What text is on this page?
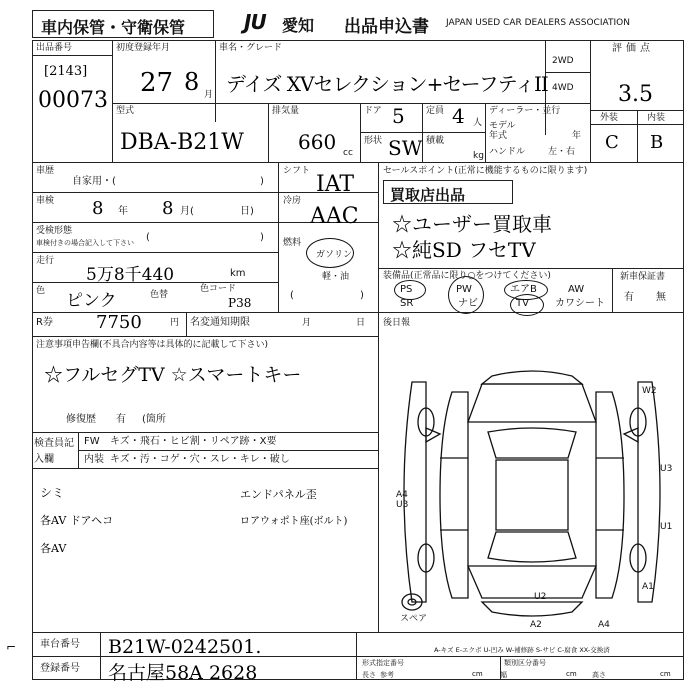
車内保管・守衛保管	JU 愛知 出品申込書 JAPAN USED CAR DEALERS ASSOCIATION
出品番号
[2143]
00073
初度登録年月
27 8 月
車名・グレード
デイズ XVセレクション+セーフティII
2WD
4WD
評価点
3.5
外装	内装
C B
型式
DBA-B21W
排気量
660 cc
ドア 5
形状 SW
定員 4 人
積載
kg
ディーラー・並行
モデル
年式	年
ハンドル	左・右
車歴
自家用・(	)
シフト
IAT
車検 8 年 8 月(	日)
冷房
AAC
受検形態
車検付きの場合記入して下さい (	) 燃料
ガソリン
軽・油
(	)
走行
5万8千440	km
色 ピンク	色替
色コード
P38
R券 7750	円 名変通知期限	月	日
セールスポイント(正常に機能するものに限ります)
買取店出品
☆ユーザー買取車
☆純SD フセTV
装備品(正常品に限り○をつけてください)
PS	PW	エアB	AW
SR	ナビ	TV	カワシート
新車保証書
有 無
後日報
注意事項申告欄(不具合内容等は具体的に記載して下さい)
☆フルセグTV ☆スマートキー
修復歴 有 (箇所
検査員記入欄
FW キズ・飛石・ヒビ割・リペア跡・X要
内装 キズ・汚・コゲ・穴・スレ・キレ・破し
シミ	エンドパネル歪
各AV ドアヘコ	ロアウォポト座(ボルト)
各AV
W2
U3
U1
A4 U3
A1
U2
A2	A4
スペア
A-キズ E-エクボ U-凹み W-補修跡 S-サビ C-腐食 XX-交換済
車台番号 B21W-0242501.
登録番号 名古屋58A 2628	形式指定番号	類別区分番号
長さ 参考	cm 幅	cm 高さ	cm
⌐
